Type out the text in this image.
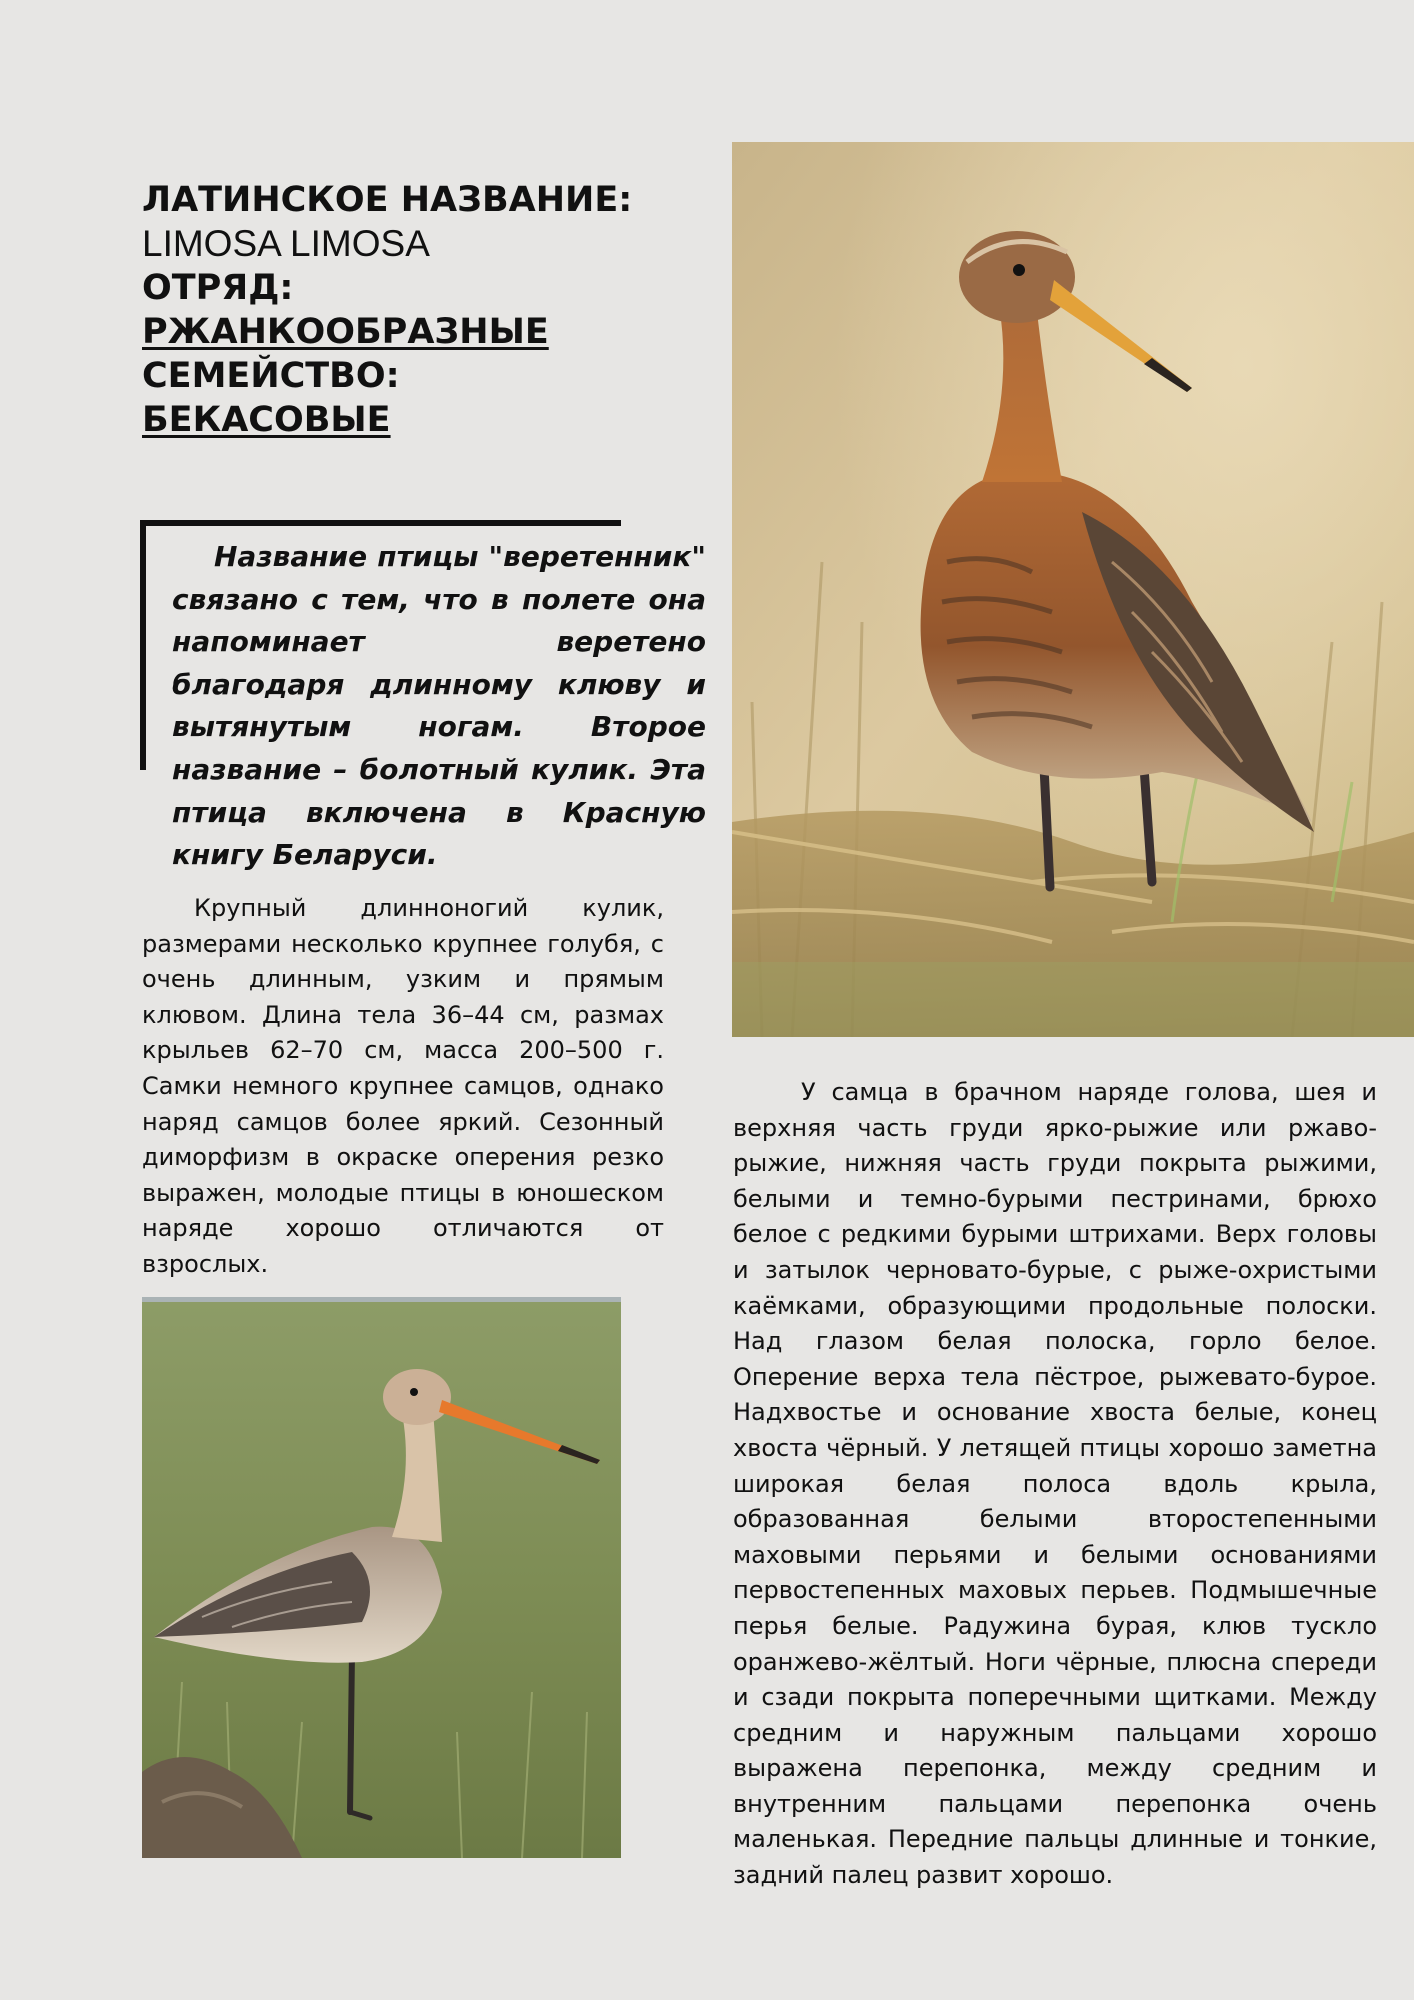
ЛАТИНСКОЕ НАЗВАНИЕ:
LIMOSA LIMOSA
ОТРЯД:
РЖАНКООБРАЗНЫЕ
СЕМЕЙСТВО:
БЕКАСОВЫЕ

Название птицы "веретенник" связано с тем, что в полете она напоминает веретено благодаря длинному клюву и вытянутым ногам. Второе название – болотный кулик. Эта птица включена в Красную книгу Беларуси.

Крупный длинноногий кулик, размерами несколько крупнее голубя, с очень длинным, узким и прямым клювом. Длина тела 36–44 см, размах крыльев 62–70 см, масса 200–500 г. Самки немного крупнее самцов, однако наряд самцов более яркий. Сезонный диморфизм в окраске оперения резко выражен, молодые птицы в юношеском наряде хорошо отличаются от взрослых.

У самца в брачном наряде голова, шея и верхняя часть груди ярко-рыжие или ржаво-рыжие, нижняя часть груди покрыта рыжими, белыми и темно-бурыми пестринами, брюхо белое с редкими бурыми штрихами. Верх головы и затылок черновато-бурые, с рыже-охристыми каёмками, образующими продольные полоски. Над глазом белая полоска, горло белое. Оперение верха тела пёстрое, рыжевато-бурое. Надхвостье и основание хвоста белые, конец хвоста чёрный. У летящей птицы хорошо заметна широкая белая полоса вдоль крыла, образованная белыми второстепенными маховыми перьями и белыми основаниями первостепенных маховых перьев. Подмышечные перья белые. Радужина бурая, клюв тускло оранжево-жёлтый. Ноги чёрные, плюсна спереди и сзади покрыта поперечными щитками. Между средним и наружным пальцами хорошо выражена перепонка, между средним и внутренним пальцами перепонка очень маленькая. Передние пальцы длинные и тонкие, задний палец развит хорошо.
